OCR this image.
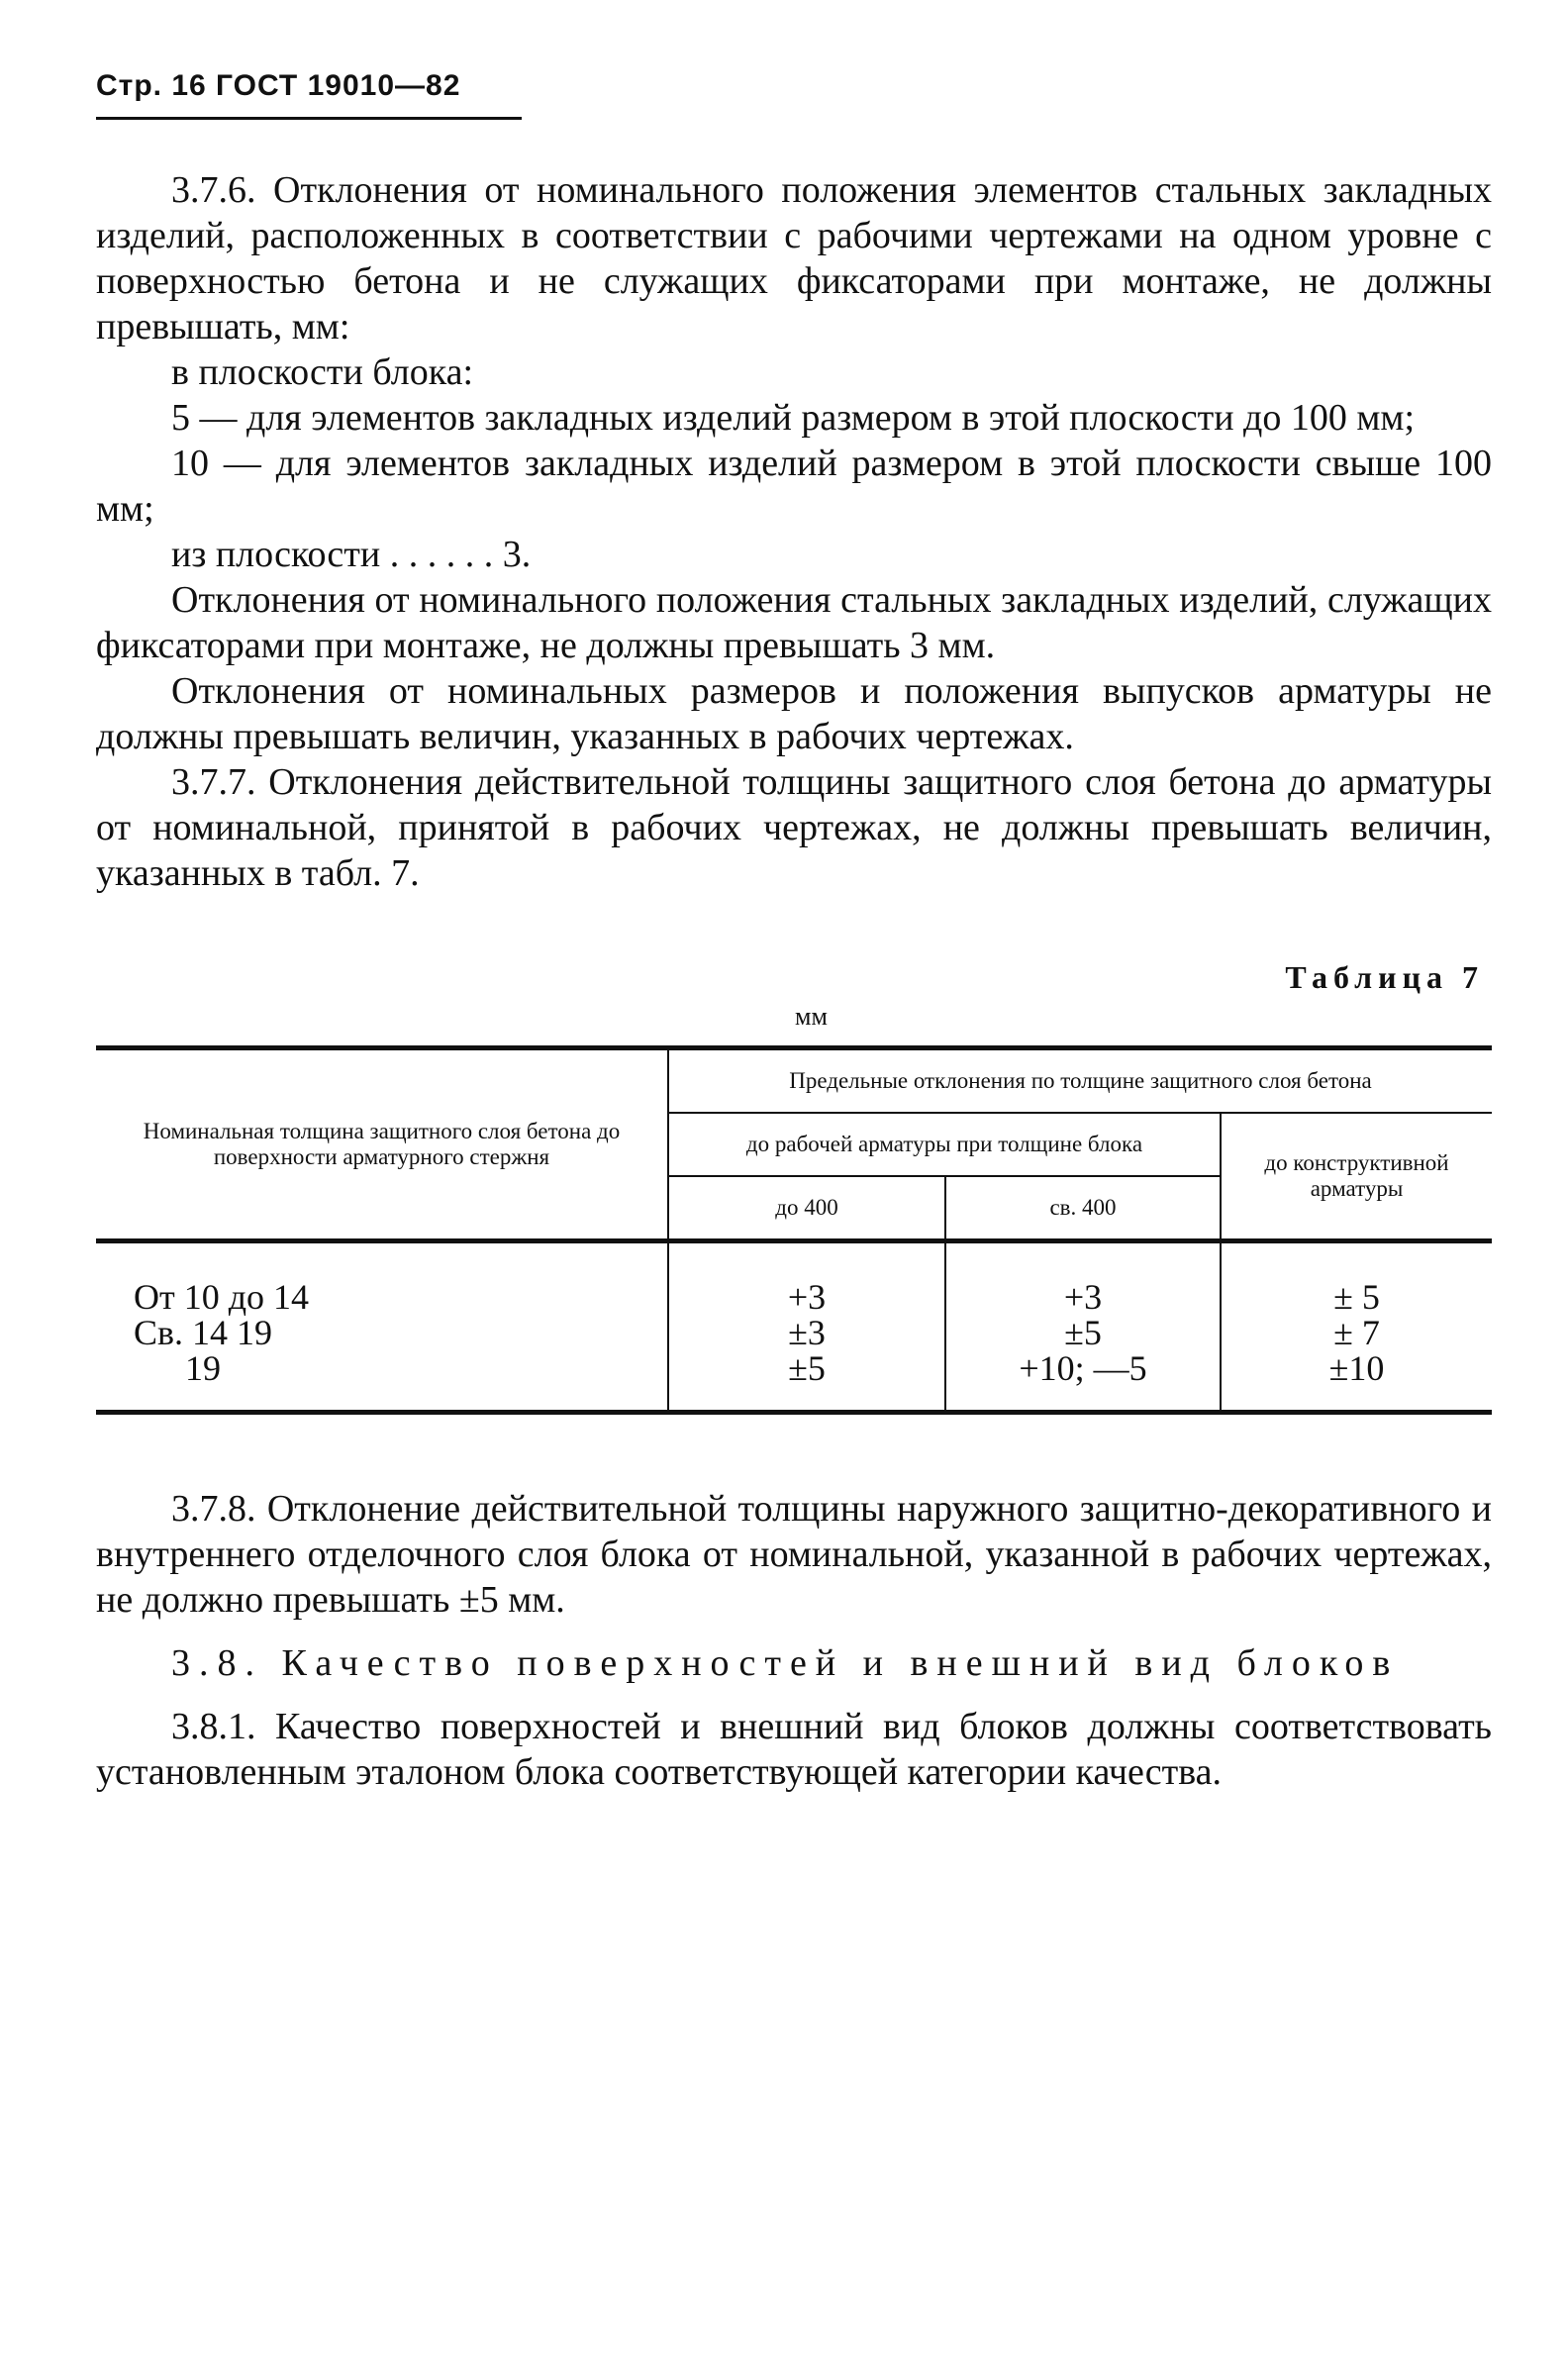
Стр. 16 ГОСТ 19010—82

3.7.6. Отклонения от номинального положения элементов стальных закладных изделий, расположенных в соответствии с рабочими чертежами на одном уровне с поверхностью бетона и не служащих фиксаторами при монтаже, не должны превышать, мм:

в плоскости блока:

5 — для элементов закладных изделий размером в этой плоскости до 100 мм;

10 — для элементов закладных изделий размером в этой плоскости свыше 100 мм;

из плоскости . . . . . . 3.

Отклонения от номинального положения стальных закладных изделий, служащих фиксаторами при монтаже, не должны превышать 3 мм.

Отклонения от номинальных размеров и положения выпусков арматуры не должны превышать величин, указанных в рабочих чертежах.

3.7.7. Отклонения действительной толщины защитного слоя бетона до арматуры от номинальной, принятой в рабочих чертежах, не должны превышать величин, указанных в табл. 7.

Таблица 7
мм
Номинальная толщина защитного слоя бетона до поверхности арматурного стержня	Предельные отклонения по толщине защитного слоя бетона		
	до рабочей арматуры при толщине блока		до конструктивной арматуры
	до 400	св. 400	
От 10 до 14	+3	+3	± 5
Св. 14 19	±3	±5	± 7
19	±5	+10; —5	±10

3.7.8. Отклонение действительной толщины наружного защитно-декоративного и внутреннего отделочного слоя блока от номинальной, указанной в рабочих чертежах, не должно превышать ±5 мм.

3.8. Качество поверхностей и внешний вид блоков

3.8.1. Качество поверхностей и внешний вид блоков должны соответствовать установленным эталоном блока соответствующей категории качества.
